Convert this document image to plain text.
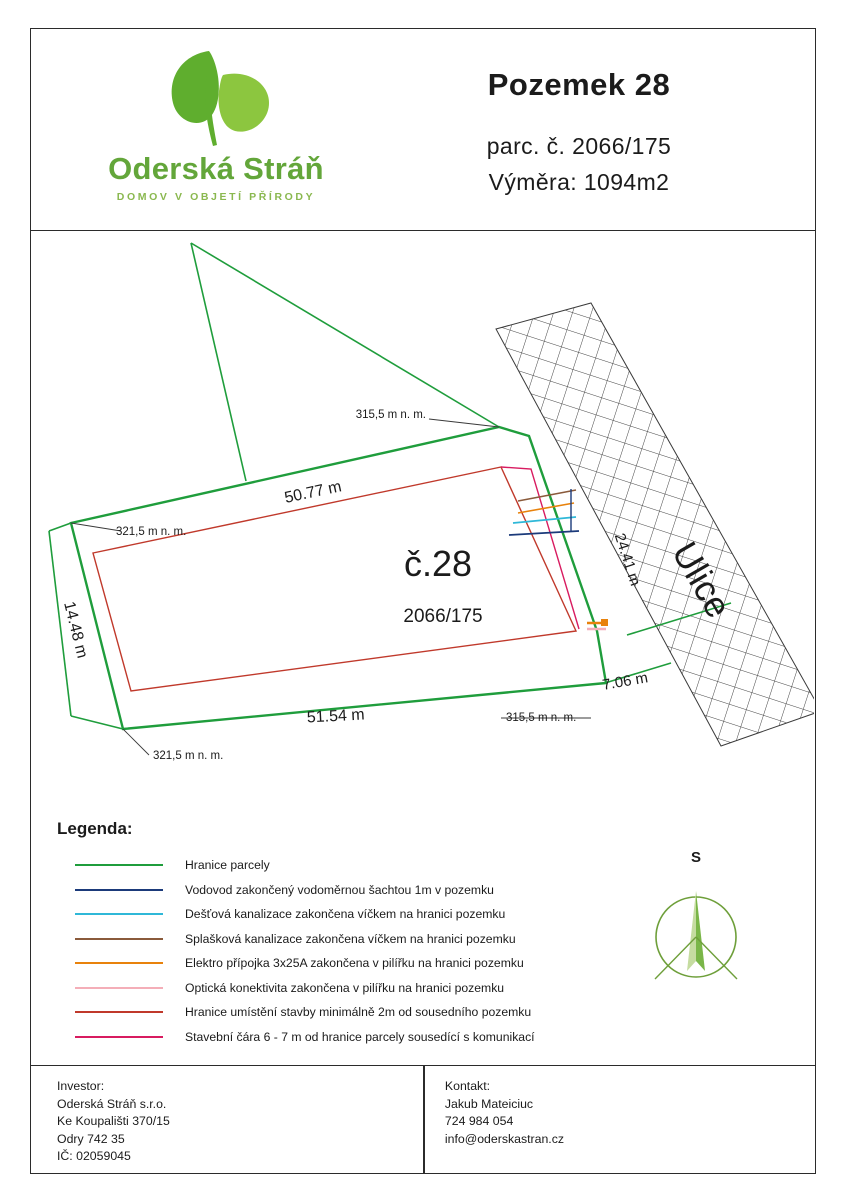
Oderská Stráň
DOMOV V OBJETÍ PŘÍRODY
Pozemek 28
parc. č. 2066/175
Výměra: 1094m2
50.77 m
51.54 m
14.48 m
24.41 m
7.06 m
315,5 m n. m.
321,5 m n. m.
321,5 m n. m.
315,5 m n. m.
č.28
2066/175	Ulice
Legenda:
Hranice parcely
Vodovod zakončený vodoměrnou šachtou 1m v pozemku
Dešťová kanalizace zakončena víčkem na hranici pozemku
Splašková kanalizace zakončena víčkem na hranici pozemku
Elektro přípojka 3x25A zakončena v pilířku na hranici pozemku
Optická konektivita zakončena v pilířku na hranici pozemku
Hranice umístění stavby minimálně 2m od sousedního pozemku
Stavební čára 6 - 7 m od hranice parcely sousedící s komunikací
S
Investor:
Oderská Stráň s.r.o.
Ke Koupališti 370/15
Odry 742 35
IČ: 02059045
Kontakt:
Jakub Mateiciuc
724 984 054
info@oderskastran.cz
